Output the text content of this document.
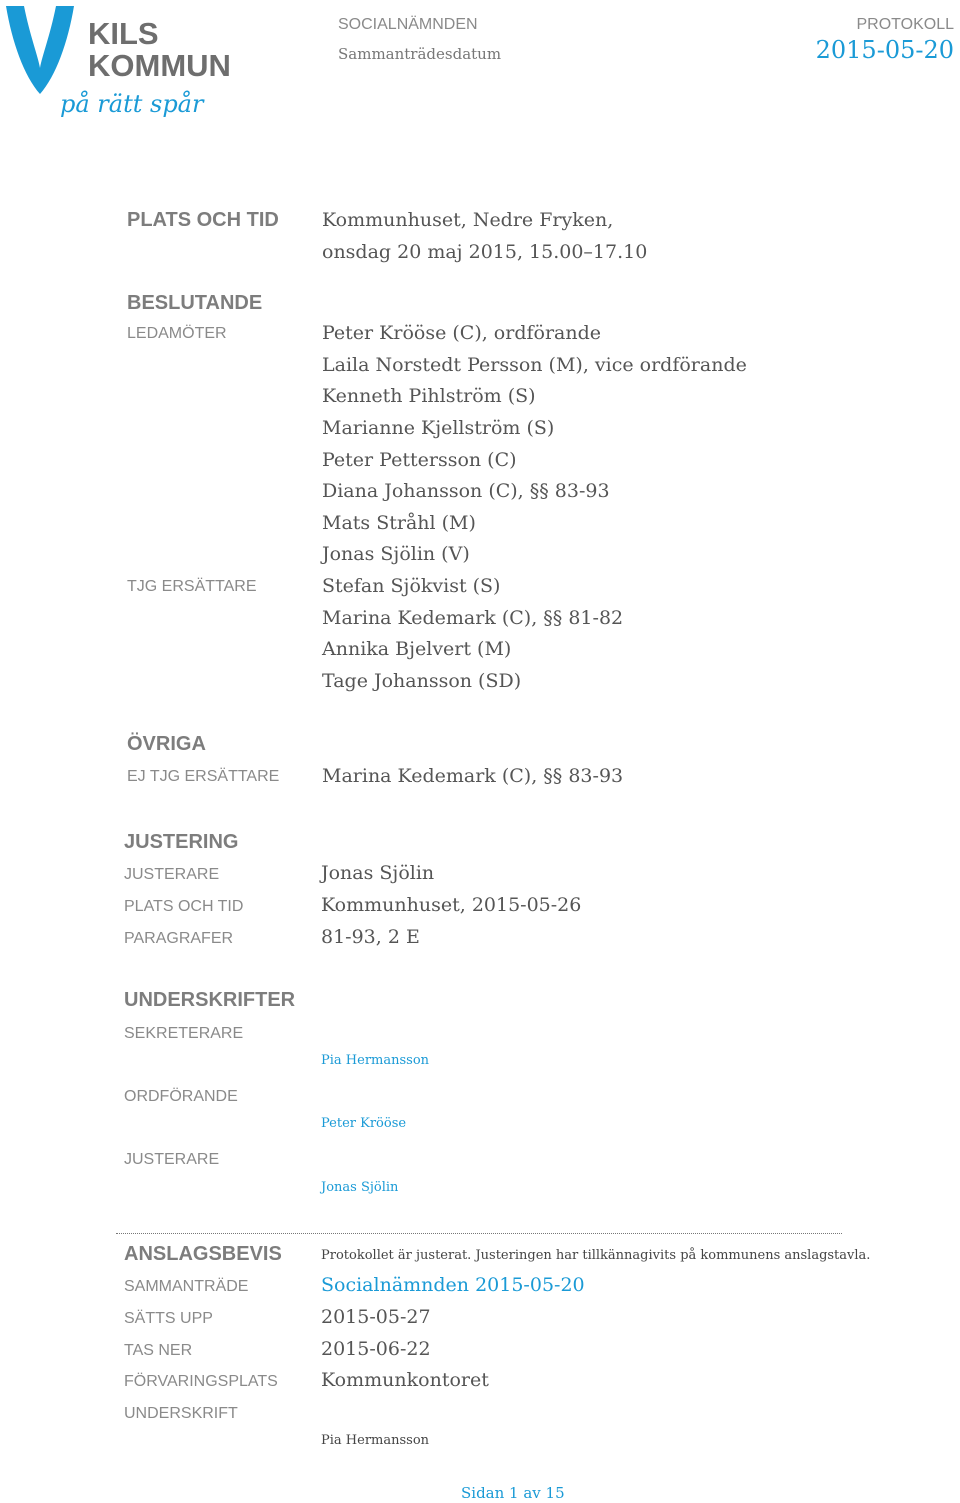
KILS KOMMUN
på rätt spår
SOCIALNÄMNDEN
Sammanträdesdatum
PROTOKOLL
2015-05-20
PLATS OCH TID Kommunhuset, Nedre Fryken,
onsdag 20 maj 2015, 15.00–17.10
BESLUTANDE
LEDAMÖTER	Peter Krööse (C), ordförande
Laila Norstedt Persson (M), vice ordförande
Kenneth Pihlström (S)
Marianne Kjellström (S)
Peter Pettersson (C)
Diana Johansson (C), §§ 83-93
Mats Stråhl (M)
Jonas Sjölin (V)
TJG ERSÄTTARE	Stefan Sjökvist (S)
Marina Kedemark (C), §§ 81-82
Annika Bjelvert (M)
Tage Johansson (SD)
ÖVRIGA
EJ TJG ERSÄTTARE Marina Kedemark (C), §§ 83-93
JUSTERING
JUSTERARE	Jonas Sjölin
PLATS OCH TID	Kommunhuset, 2015-05-26
PARAGRAFER	81-93, 2 E
UNDERSKRIFTER
SEKRETERARE
Pia Hermansson
ORDFÖRANDE
Peter Krööse
JUSTERARE
Jonas Sjölin
ANSLAGSBEVIS	Protokollet är justerat. Justeringen har tillkännagivits på kommunens anslagstavla.
SAMMANTRÄDE	Socialnämnden 2015-05-20
SÄTTS UPP	2015-05-27
TAS NER	2015-06-22
FÖRVARINGSPLATS Kommunkontoret
UNDERSKRIFT
Pia Hermansson
Sidan 1 av 15
